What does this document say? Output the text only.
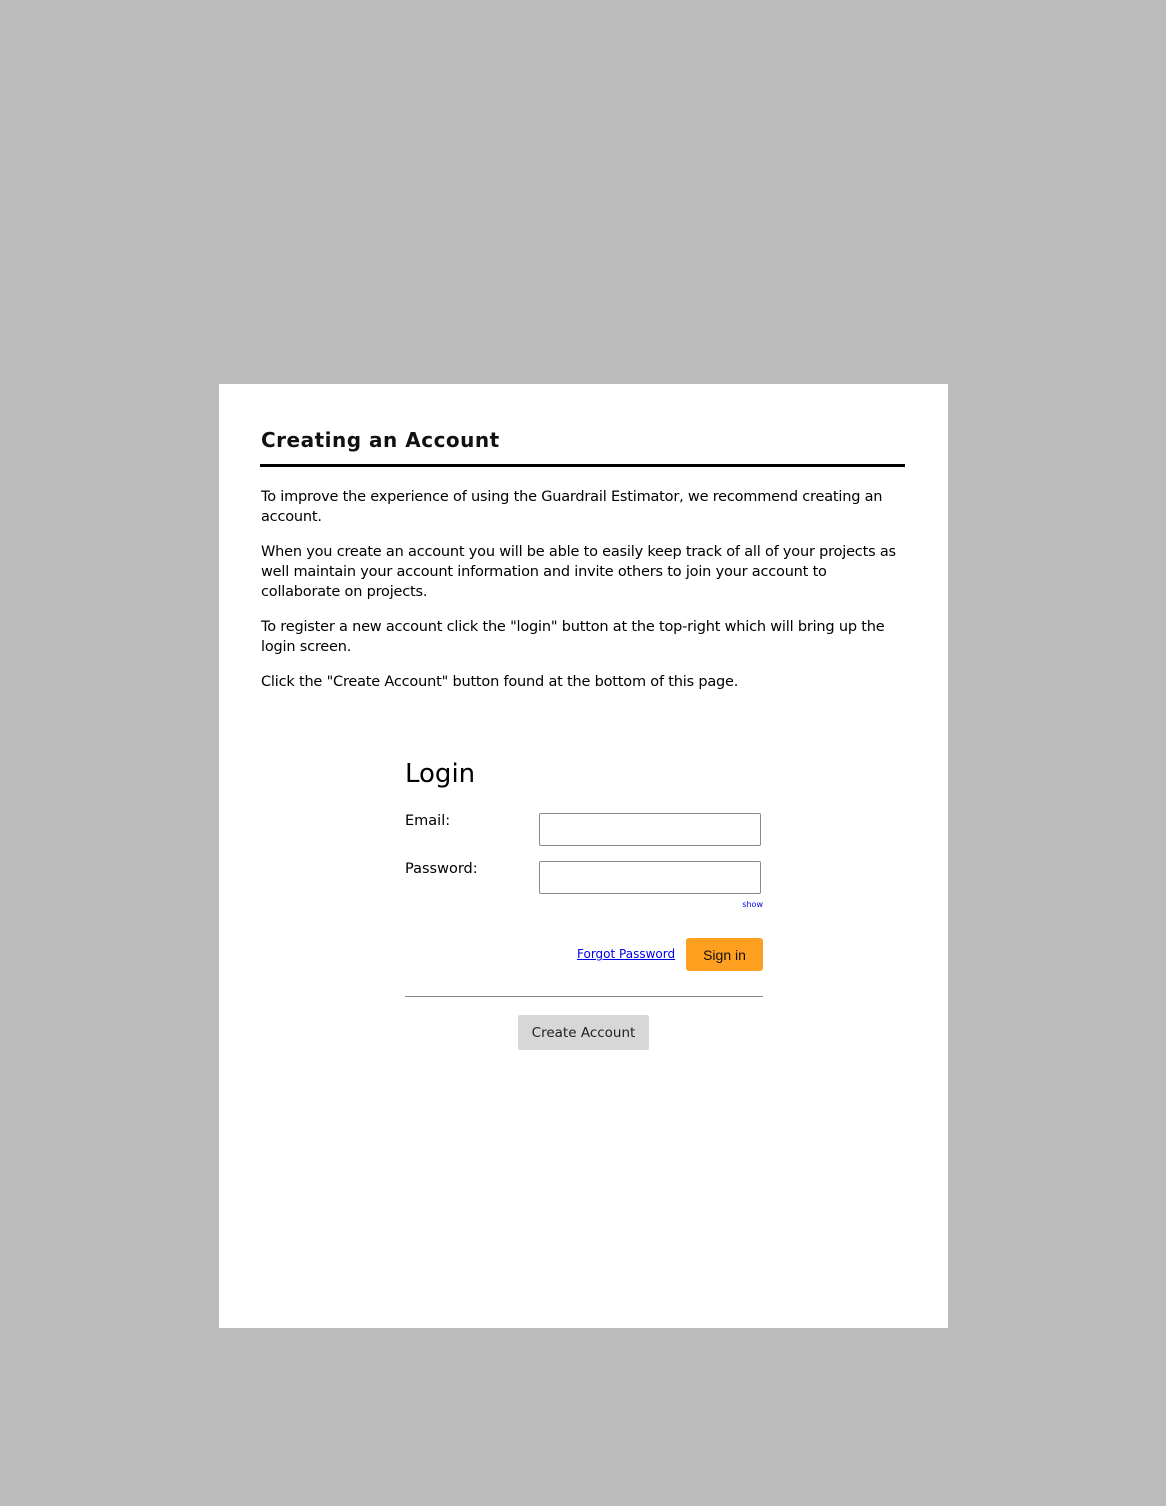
Creating an Account

To improve the experience of using the Guardrail Estimator, we recommend creating an account.

When you create an account you will be able to easily keep track of all of your projects as well maintain your account information and invite others to join your account to collaborate on projects.

To register a new account click the "login" button at the top-right which will bring up the login screen.

Click the "Create Account" button found at the bottom of this page.

Login
Email:
Password:
show
Forgot Password	Sign in
Create Account
